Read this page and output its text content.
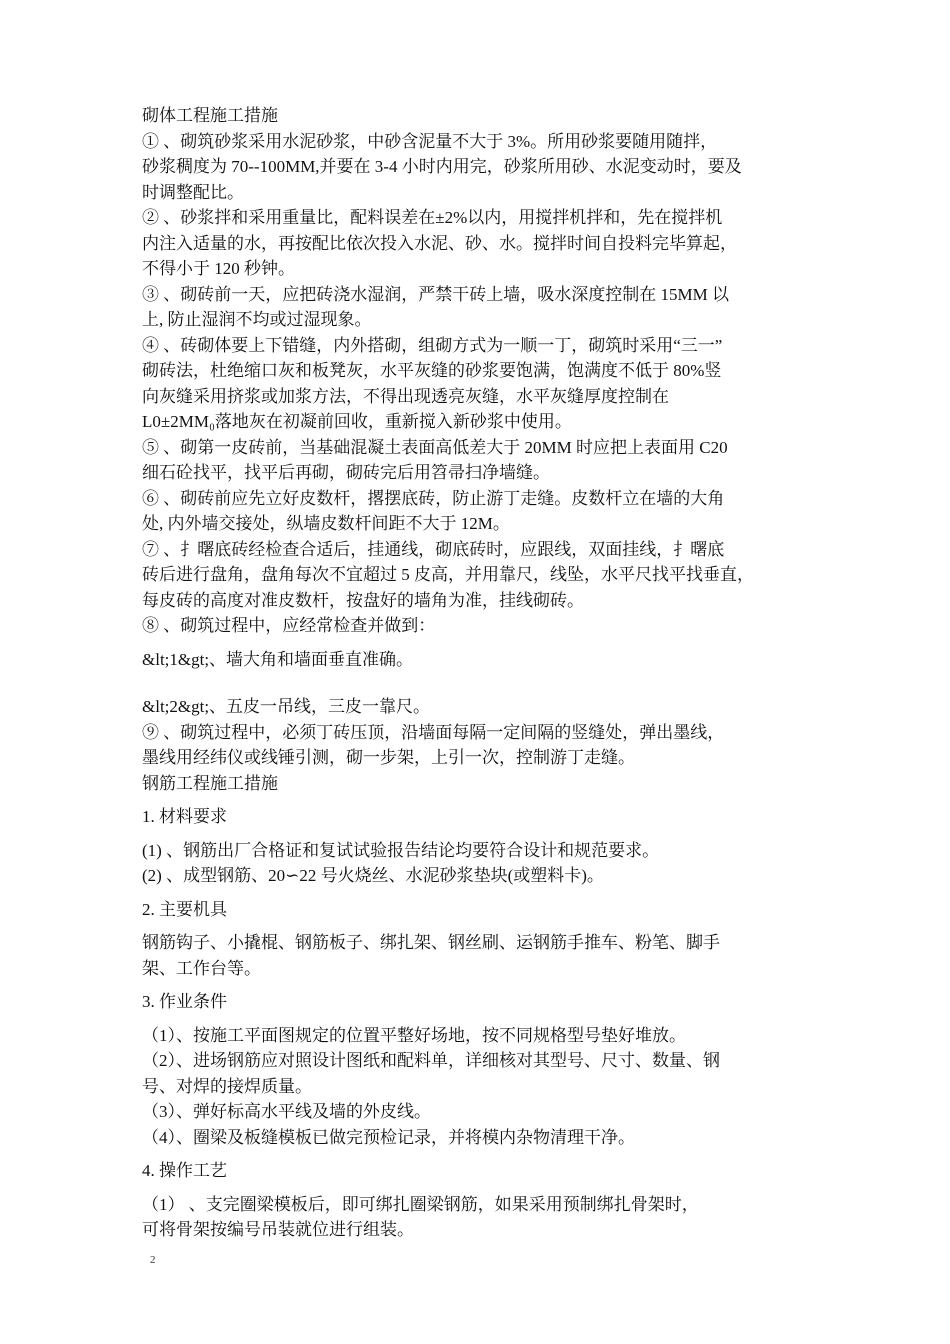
砌体工程施工措施

① 、砌筑砂浆采用水泥砂浆，中砂含泥量不大于 3%。所用砂浆要随用随拌，

砂浆稠度为 70--100MM,并要在 3-4 小时内用完，砂浆所用砂、水泥变动时，要及

时调整配比。

② 、砂浆拌和采用重量比，配料误差在±2%以内，用搅拌机拌和，先在搅拌机

内注入适量的水，再按配比依次投入水泥、砂、水。搅拌时间自投料完毕算起，

不得小于 120 秒钟。

③ 、砌砖前一天，应把砖浇水湿润，严禁干砖上墙，吸水深度控制在 15MM 以

上, 防止湿润不均或过湿现象。

④ 、砖砌体要上下错缝，内外搭砌，组砌方式为一顺一丁，砌筑时采用“三一”

砌砖法，杜绝缩口灰和板凳灰，水平灰缝的砂浆要饱满，饱满度不低于 80%竖

向灰缝采用挤浆或加浆方法，不得出现透亮灰缝，水平灰缝厚度控制在

L0±2MM₀落地灰在初凝前回收，重新搅入新砂浆中使用。

⑤ 、砌第一皮砖前，当基础混凝土表面高低差大于 20MM 时应把上表面用 C20

细石砼找平，找平后再砌，砌砖完后用笤帚扫净墙缝。

⑥ 、砌砖前应先立好皮数杆，撂摆底砖，防止游丁走缝。皮数杆立在墙的大角

处, 内外墙交接处，纵墙皮数杆间距不大于 12M。

⑦ 、扌曙底砖经检查合适后，挂通线，砌底砖时，应跟线，双面挂线，扌曙底

砖后进行盘角，盘角每次不宜超过 5 皮高，并用靠尺，线坠，水平尺找平找垂直，

每皮砖的高度对准皮数杆，按盘好的墙角为准，挂线砌砖。

⑧ 、砌筑过程中，应经常检查并做到：

&lt;1&gt;、墙大角和墙面垂直准确。

&lt;2&gt;、五皮一吊线，三皮一靠尺。

⑨ 、砌筑过程中，必须丁砖压顶，沿墙面每隔一定间隔的竖缝处，弹出墨线，

墨线用经纬仪或线锤引测，砌一步架，上引一次，控制游丁走缝。

钢筋工程施工措施

1. 材料要求

(1) 、钢筋出厂合格证和复试试验报告结论均要符合设计和规范要求。

(2) 、成型钢筋、20∽22 号火烧丝、水泥砂浆垫块(或塑料卡)。

2. 主要机具

钢筋钩子、小撬棍、钢筋板子、绑扎架、钢丝刷、运钢筋手推车、粉笔、脚手

架、工作台等。

3. 作业条件

（1）、按施工平面图规定的位置平整好场地，按不同规格型号垫好堆放。

（2）、进场钢筋应对照设计图纸和配料单，详细核对其型号、尺寸、数量、钢

号、对焊的接焊质量。

（3）、弹好标高水平线及墙的外皮线。

（4）、圈梁及板缝模板已做完预检记录，并将模内杂物清理干净。

4. 操作工艺

（1） 、支完圈梁模板后，即可绑扎圈梁钢筋，如果采用预制绑扎骨架时，

可将骨架按编号吊装就位进行组装。

2
